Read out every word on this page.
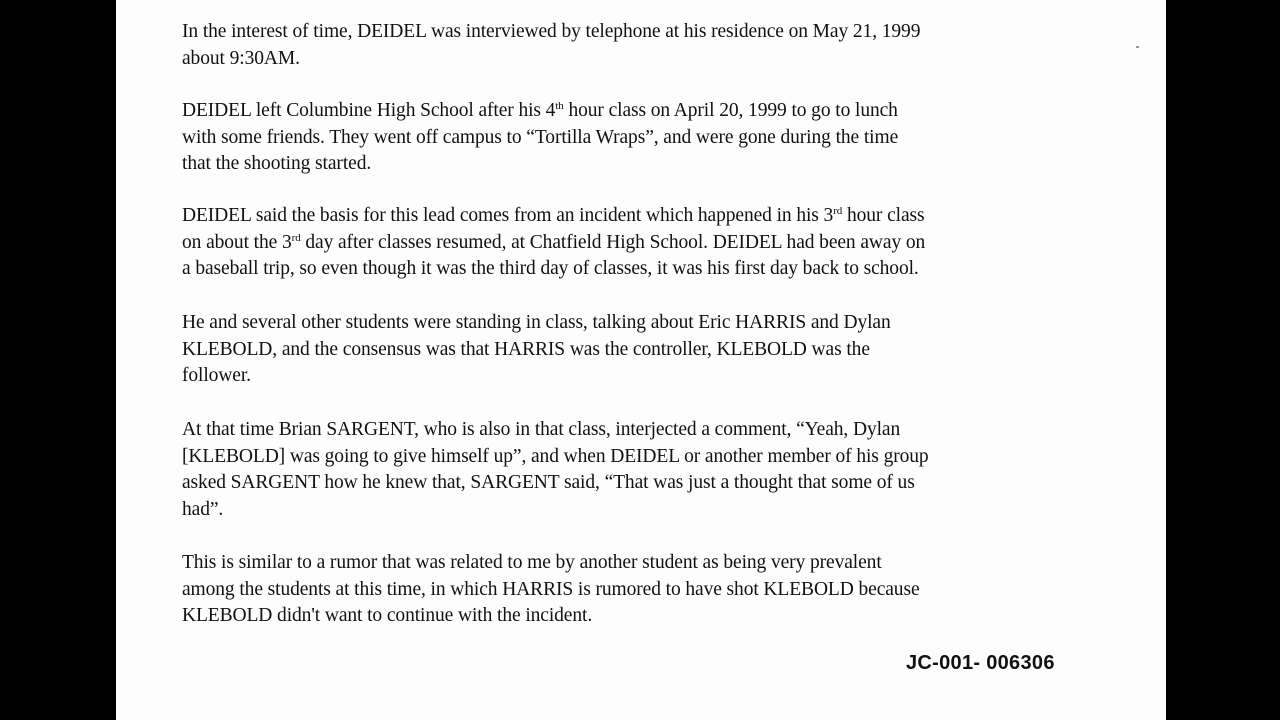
In the interest of time, DEIDEL was interviewed by telephone at his residence on May 21, 1999
about 9:30AM.

DEIDEL left Columbine High School after his 4th hour class on April 20, 1999 to go to lunch
with some friends. They went off campus to “Tortilla Wraps”, and were gone during the time
that the shooting started.

DEIDEL said the basis for this lead comes from an incident which happened in his 3rd hour class
on about the 3rd day after classes resumed, at Chatfield High School. DEIDEL had been away on
a baseball trip, so even though it was the third day of classes, it was his first day back to school.

He and several other students were standing in class, talking about Eric HARRIS and Dylan
KLEBOLD, and the consensus was that HARRIS was the controller, KLEBOLD was the
follower.

At that time Brian SARGENT, who is also in that class, interjected a comment, “Yeah, Dylan
[KLEBOLD] was going to give himself up”, and when DEIDEL or another member of his group
asked SARGENT how he knew that, SARGENT said, “That was just a thought that some of us
had”.

This is similar to a rumor that was related to me by another student as being very prevalent
among the students at this time, in which HARRIS is rumored to have shot KLEBOLD because
KLEBOLD didn't want to continue with the incident.

JC-001- 006306
